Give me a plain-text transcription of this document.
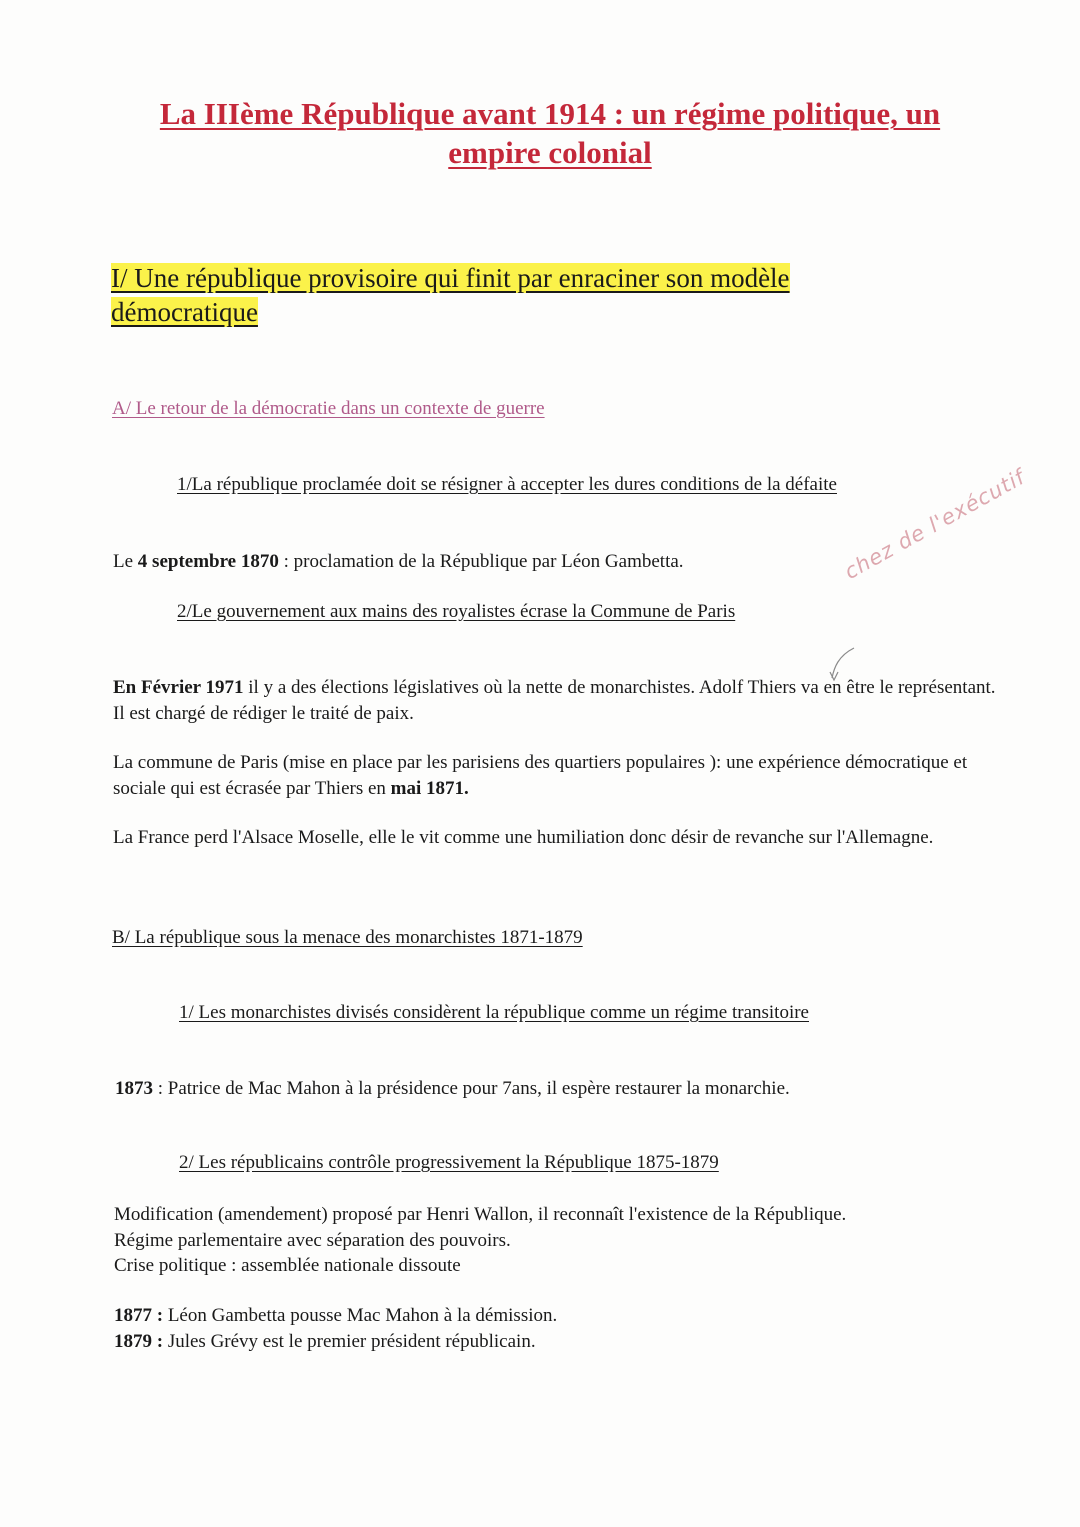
La IIIème République avant 1914 : un régime politique, un empire colonial
I/ Une république provisoire qui finit par enraciner son modèle démocratique
A/ Le retour de la démocratie dans un contexte de guerre
1/La république proclamée doit se résigner à accepter les dures conditions de la défaite
Le 4 septembre 1870 : proclamation de la République par Léon Gambetta.
2/Le gouvernement aux mains des royalistes écrase la Commune de Paris
En Février 1971 il y a des élections législatives où la nette de monarchistes. Adolf Thiers va en être le représentant. Il est chargé de rédiger le traité de paix.
La commune de Paris (mise en place par les parisiens des quartiers populaires ): une expérience démocratique et sociale qui est écrasée par Thiers en mai 1871.
La France perd l'Alsace Moselle, elle le vit comme une humiliation donc désir de revanche sur l'Allemagne.
B/ La république sous la menace des monarchistes 1871-1879
1/ Les monarchistes divisés considèrent la république comme un régime transitoire
1873 : Patrice de Mac Mahon à la présidence pour 7ans, il espère restaurer la monarchie.
2/ Les républicains contrôle progressivement la République 1875-1879
Modification (amendement) proposé par Henri Wallon, il reconnaît l'existence de la République.
Régime parlementaire avec séparation des pouvoirs.
Crise politique : assemblée nationale dissoute
1877 : Léon Gambetta pousse Mac Mahon à la démission.
1879 : Jules Grévy est le premier président républicain.
chez de l'exécutif
